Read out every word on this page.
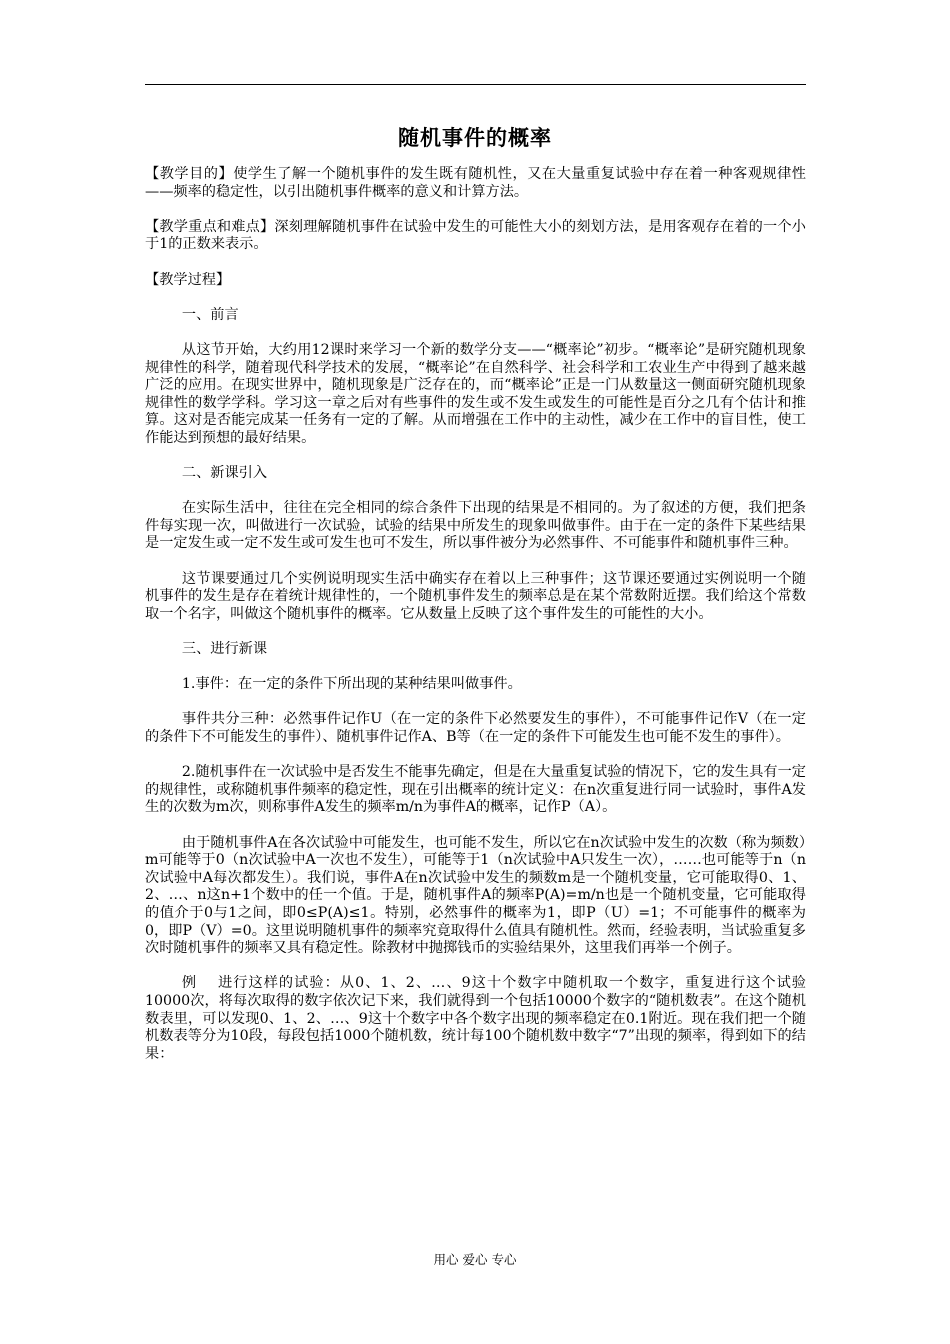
随机事件的概率

【教学目的】使学生了解一个随机事件的发生既有随机性，又在大量重复试验中存在着一种客观规律性——频率的稳定性，以引出随机事件概率的意义和计算方法。

【教学重点和难点】深刻理解随机事件在试验中发生的可能性大小的刻划方法，是用客观存在着的一个小于1的正数来表示。

【教学过程】

一、前言

从这节开始，大约用12课时来学习一个新的数学分支——“概率论”初步。“概率论”是研究随机现象规律性的科学，随着现代科学技术的发展，“概率论”在自然科学、社会科学和工农业生产中得到了越来越广泛的应用。在现实世界中，随机现象是广泛存在的，而“概率论”正是一门从数量这一侧面研究随机现象规律性的数学学科。学习这一章之后对有些事件的发生或不发生或发生的可能性是百分之几有个估计和推算。这对是否能完成某一任务有一定的了解。从而增强在工作中的主动性，减少在工作中的盲目性，使工作能达到预想的最好结果。

二、新课引入

在实际生活中，往往在完全相同的综合条件下出现的结果是不相同的。为了叙述的方便，我们把条件每实现一次，叫做进行一次试验，试验的结果中所发生的现象叫做事件。由于在一定的条件下某些结果是一定发生或一定不发生或可发生也可不发生，所以事件被分为必然事件、不可能事件和随机事件三种。

这节课要通过几个实例说明现实生活中确实存在着以上三种事件；这节课还要通过实例说明一个随机事件的发生是存在着统计规律性的，一个随机事件发生的频率总是在某个常数附近摆。我们给这个常数取一个名字，叫做这个随机事件的概率。它从数量上反映了这个事件发生的可能性的大小。

三、进行新课

1.事件：在一定的条件下所出现的某种结果叫做事件。

事件共分三种：必然事件记作U（在一定的条件下必然要发生的事件），不可能事件记作V（在一定的条件下不可能发生的事件）、随机事件记作A、B等（在一定的条件下可能发生也可能不发生的事件）。

2.随机事件在一次试验中是否发生不能事先确定，但是在大量重复试验的情况下，它的发生具有一定的规律性，或称随机事件频率的稳定性，现在引出概率的统计定义：在n次重复进行同一试验时，事件A发生的次数为m次，则称事件A发生的频率m/n为事件A的概率，记作P（A）。

由于随机事件A在各次试验中可能发生，也可能不发生，所以它在n次试验中发生的次数（称为频数）m可能等于0（n次试验中A一次也不发生），可能等于1（n次试验中A只发生一次），……也可能等于n（n次试验中A每次都发生）。我们说，事件A在n次试验中发生的频数m是一个随机变量，它可能取得0、1、2、…、n这n+1个数中的任一个值。于是，随机事件A的频率P(A)=m/n也是一个随机变量，它可能取得的值介于0与1之间，即0≤P(A)≤1。特别，必然事件的概率为1，即P（U）=1；不可能事件的概率为0，即P（V）=0。这里说明随机事件的频率究竟取得什么值具有随机性。然而，经验表明，当试验重复多次时随机事件的频率又具有稳定性。除教材中抛掷钱币的实验结果外，这里我们再举一个例子。

例　 进行这样的试验：从0、1、2、…、9这十个数字中随机取一个数字，重复进行这个试验10000次，将每次取得的数字依次记下来，我们就得到一个包括10000个数字的“随机数表”。在这个随机数表里，可以发现0、1、2、…、9这十个数字中各个数字出现的频率稳定在0.1附近。现在我们把一个随机数表等分为10段，每段包括1000个随机数，统计每100个随机数中数字“7”出现的频率，得到如下的结果：

用心 爱心 专心
